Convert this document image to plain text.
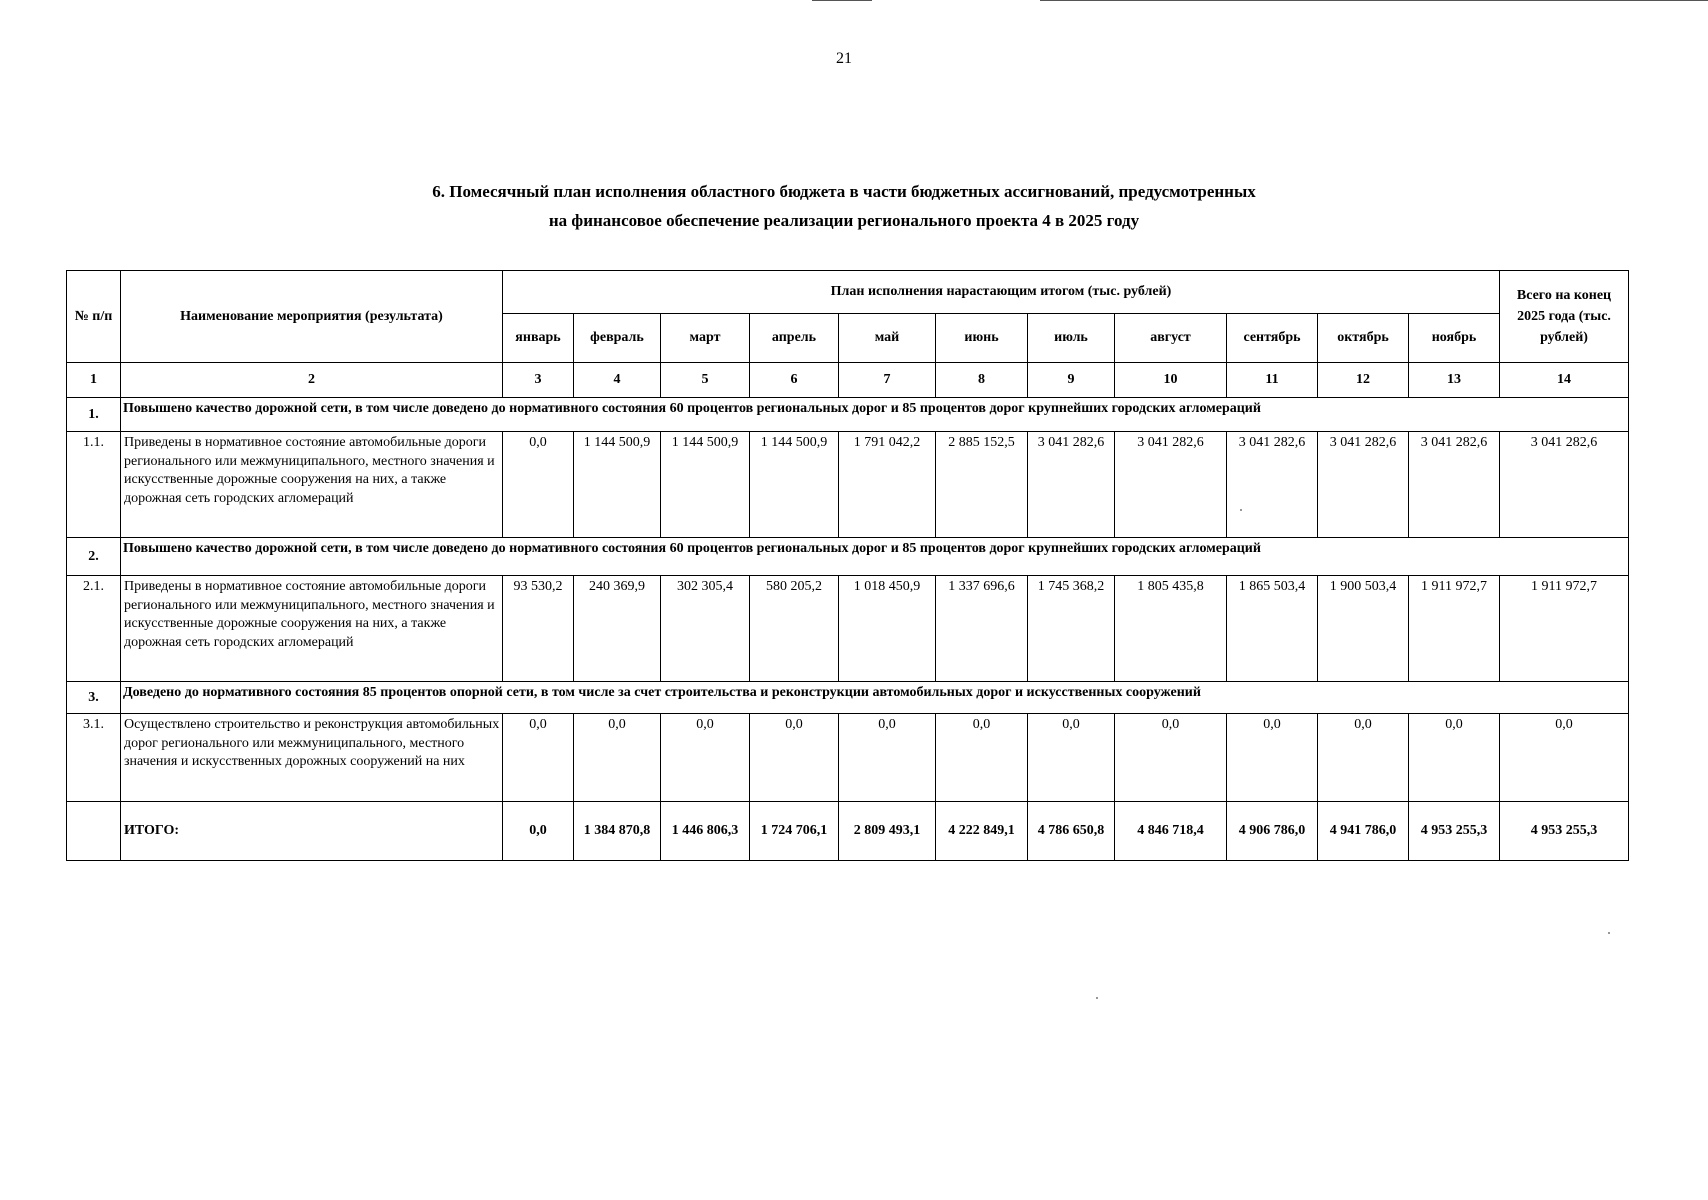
21
6. Помесячный план исполнения областного бюджета в части бюджетных ассигнований, предусмотренных
на финансовое обеспечение реализации регионального проекта 4 в 2025 году
№ п/п	Наименование мероприятия (результата)	План исполнения нарастающим итогом (тыс. рублей)											Всего на конец 2025 года (тыс. рублей)
		январь	февраль	март	апрель	май	июнь	июль	август	сентябрь	октябрь	ноябрь	
1	2	3	4	5	6	7	8	9	10	11	12	13	14
1.	Повышено качество дорожной сети, в том числе доведено до нормативного состояния 60 процентов региональных дорог и 85 процентов дорог крупнейших городских агломераций												
1.1.	Приведены в нормативное состояние автомобильные дороги регионального или межмуниципального, местного значения и искусственные дорожные сооружения на них, а также дорожная сеть городских агломераций	0,0	1 144 500,9	1 144 500,9	1 144 500,9	1 791 042,2	2 885 152,5	3 041 282,6	3 041 282,6	3 041 282,6	3 041 282,6	3 041 282,6	3 041 282,6
2.	Повышено качество дорожной сети, в том числе доведено до нормативного состояния 60 процентов региональных дорог и 85 процентов дорог крупнейших городских агломераций												
2.1.	Приведены в нормативное состояние автомобильные дороги регионального или межмуниципального, местного значения и искусственные дорожные сооружения на них, а также дорожная сеть городских агломераций	93 530,2	240 369,9	302 305,4	580 205,2	1 018 450,9	1 337 696,6	1 745 368,2	1 805 435,8	1 865 503,4	1 900 503,4	1 911 972,7	1 911 972,7
3.	Доведено до нормативного состояния 85 процентов опорной сети, в том числе за счет строительства и реконструкции автомобильных дорог и искусственных сооружений												
3.1.	Осуществлено строительство и реконструкция автомобильных дорог регионального или межмуниципального, местного значения и искусственных дорожных сооружений на них	0,0	0,0	0,0	0,0	0,0	0,0	0,0	0,0	0,0	0,0	0,0	0,0
	ИТОГО:	0,0	1 384 870,8	1 446 806,3	1 724 706,1	2 809 493,1	4 222 849,1	4 786 650,8	4 846 718,4	4 906 786,0	4 941 786,0	4 953 255,3	4 953 255,3
